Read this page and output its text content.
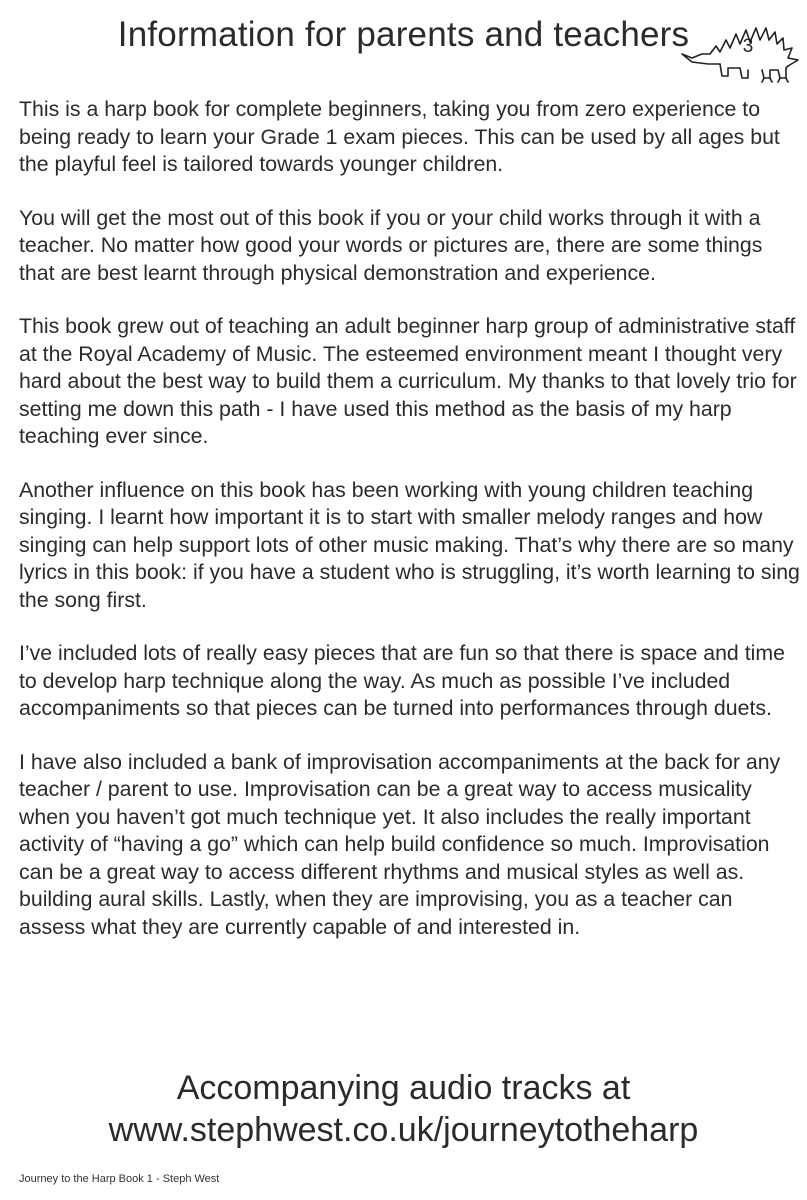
Information for parents and teachers	3

This is a harp book for complete beginners, taking you from zero experience to being ready to learn your Grade 1 exam pieces. This can be used by all ages but the playful feel is tailored towards younger children.

You will get the most out of this book if you or your child works through it with a teacher. No matter how good your words or pictures are, there are some things that are best learnt through physical demonstration and experience.

This book grew out of teaching an adult beginner harp group of administrative staff at the Royal Academy of Music. The esteemed environment meant I thought very hard about the best way to build them a curriculum. My thanks to that lovely trio for setting me down this path - I have used this method as the basis of my harp teaching ever since.

Another influence on this book has been working with young children teaching singing. I learnt how important it is to start with smaller melody ranges and how singing can help support lots of other music making. That’s why there are so many lyrics in this book: if you have a student who is struggling, it’s worth learning to sing the song first.

I’ve included lots of really easy pieces that are fun so that there is space and time to develop harp technique along the way. As much as possible I’ve included accompaniments so that pieces can be turned into performances through duets.

I have also included a bank of improvisation accompaniments at the back for any teacher / parent to use. Improvisation can be a great way to access musicality when you haven’t got much technique yet. It also includes the really important activity of “having a go” which can help build confidence so much. Improvisation can be a great way to access different rhythms and musical styles as well as. building aural skills. Lastly, when they are improvising, you as a teacher can assess what they are currently capable of and interested in.

Accompanying audio tracks at
www.stephwest.co.uk/journeytotheharp
Journey to the Harp Book 1 - Steph West
